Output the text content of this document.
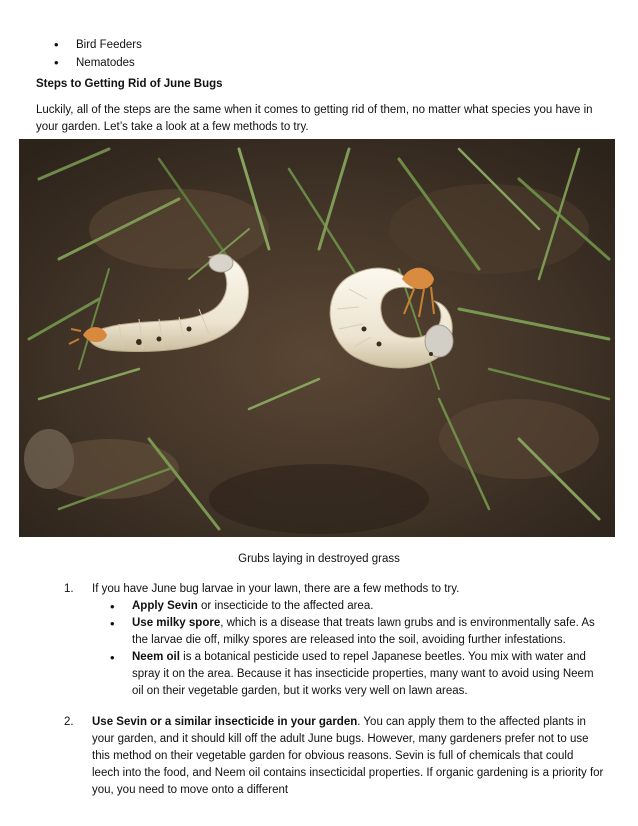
• Bird Feeders
• Nematodes
Steps to Getting Rid of June Bugs

Luckily, all of the steps are the same when it comes to getting rid of them, no matter what species you have in your garden. Let’s take a look at a few methods to try.

Grubs laying in destroyed grass
1. If you have June bug larvae in your lawn, there are a few methods to try.
• Apply Sevin or insecticide to the affected area.
• Use milky spore, which is a disease that treats lawn grubs and is environmentally safe. As the larvae die off, milky spores are released into the soil, avoiding further infestations.
• Neem oil is a botanical pesticide used to repel Japanese beetles. You mix with water and spray it on the area. Because it has insecticide properties, many want to avoid using Neem oil on their vegetable garden, but it works very well on lawn areas.
2. Use Sevin or a similar insecticide in your garden. You can apply them to the affected plants in your garden, and it should kill off the adult June bugs. However, many gardeners prefer not to use this method on their vegetable garden for obvious reasons. Sevin is full of chemicals that could leech into the food, and Neem oil contains insecticidal properties. If organic gardening is a priority for you, you need to move onto a different
